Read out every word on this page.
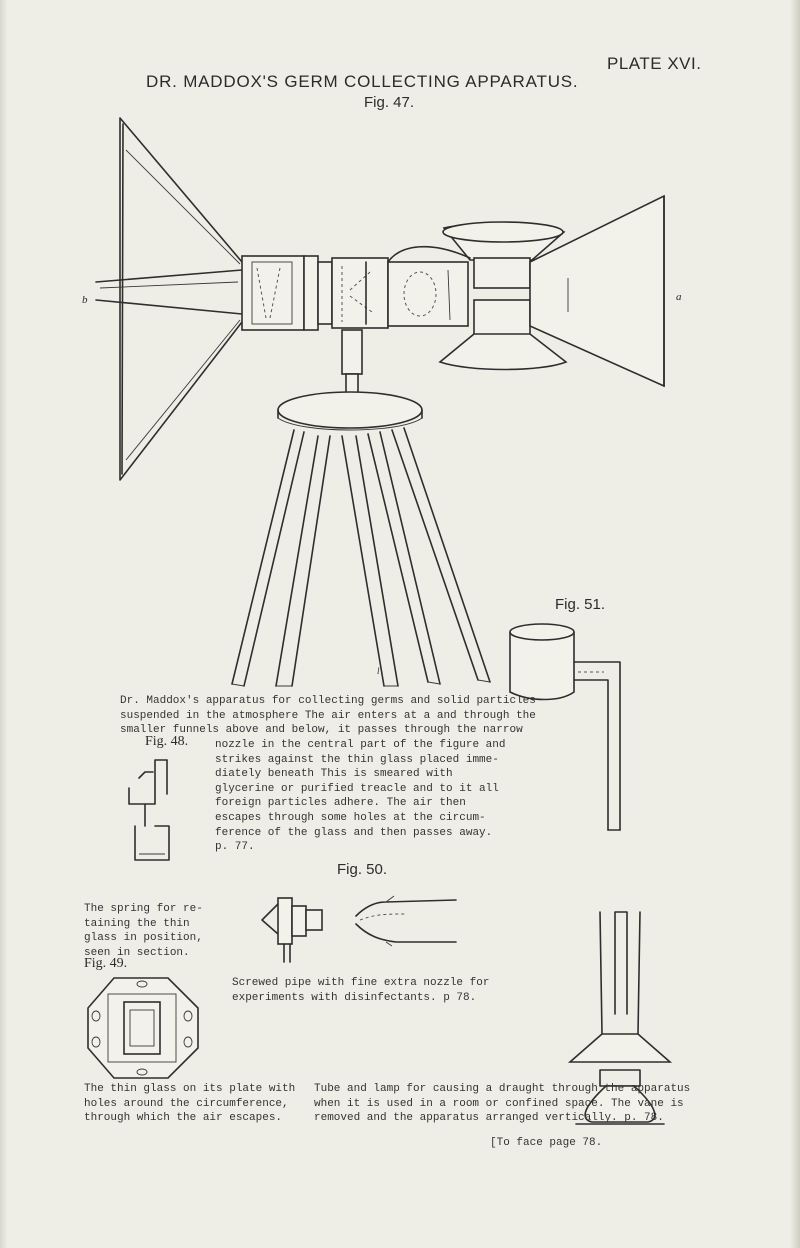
PLATE XVI.
DR. MADDOX'S GERM COLLECTING APPARATUS.
Fig. 47.
b	a
l
Fig. 51.
Fig. 48.
Dr. Maddox's apparatus for collecting germs and solid particles
suspended in the atmosphere The air enters at a and through the
smaller funnels above and below, it passes through the narrow
nozzle in the central part of the figure and
strikes against the thin glass placed imme-
diately beneath This is smeared with
glycerine or purified treacle and to it all
foreign particles adhere. The air then
escapes through some holes at the circum-
ference of the glass and then passes away.
p. 77.
The spring for re-
taining the thin
glass in position,
seen in section.
Fig. 50.
Screwed pipe with fine extra nozzle for
experiments with disinfectants. p 78.
Fig. 49.
The thin glass on its plate with
holes around the circumference,
through which the air escapes.
Tube and lamp for causing a draught through the apparatus
when it is used in a room or confined space. The vane is
removed and the apparatus arranged vertically. p. 78.
[To face page 78.
